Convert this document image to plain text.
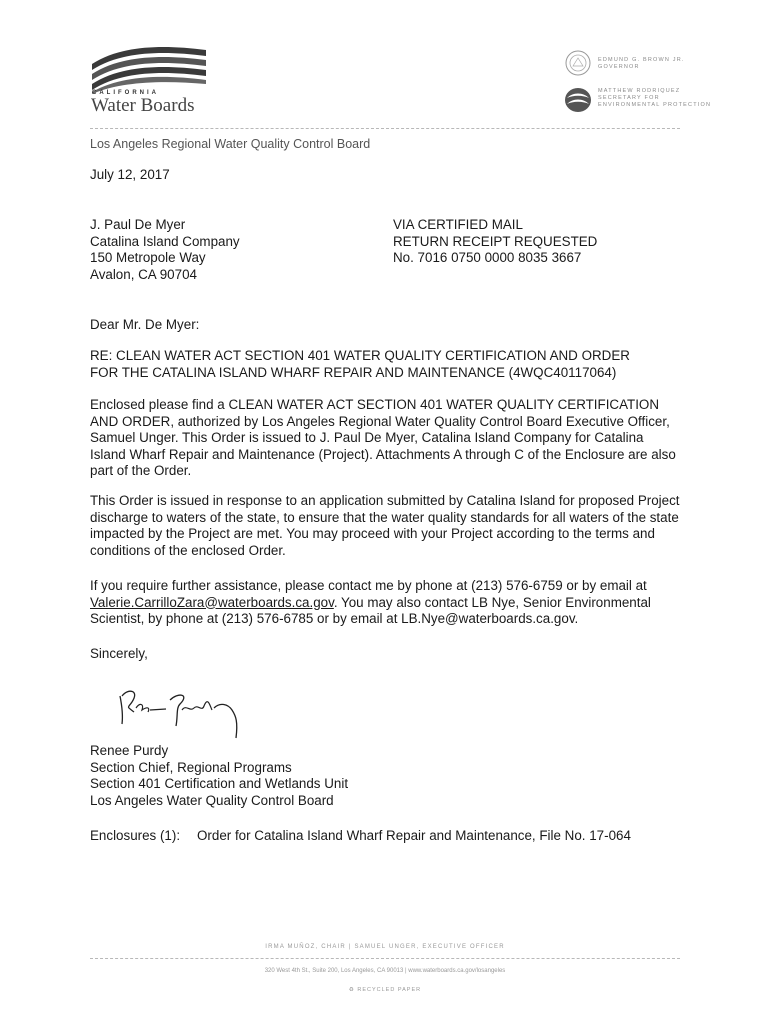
CALIFORNIA
Water Boards
EDMUND G. BROWN JR.
GOVERNOR
MATTHEW RODRIQUEZ
SECRETARY FOR
ENVIRONMENTAL PROTECTION
Los Angeles Regional Water Quality Control Board
July 12, 2017
J. Paul De Myer
Catalina Island Company
150 Metropole Way
Avalon, CA 90704
VIA CERTIFIED MAIL
RETURN RECEIPT REQUESTED
No. 7016 0750 0000 8035 3667
Dear Mr. De Myer:
RE: CLEAN WATER ACT SECTION 401 WATER QUALITY CERTIFICATION AND ORDER
FOR THE CATALINA ISLAND WHARF REPAIR AND MAINTENANCE (4WQC40117064)
Enclosed please find a CLEAN WATER ACT SECTION 401 WATER QUALITY CERTIFICATION AND ORDER, authorized by Los Angeles Regional Water Quality Control Board Executive Officer, Samuel Unger. This Order is issued to J. Paul De Myer, Catalina Island Company for Catalina Island Wharf Repair and Maintenance (Project). Attachments A through C of the Enclosure are also part of the Order.
This Order is issued in response to an application submitted by Catalina Island for proposed Project discharge to waters of the state, to ensure that the water quality standards for all waters of the state impacted by the Project are met. You may proceed with your Project according to the terms and conditions of the enclosed Order.
If you require further assistance, please contact me by phone at (213) 576-6759 or by email at Valerie.CarrilloZara@waterboards.ca.gov. You may also contact LB Nye, Senior Environmental Scientist, by phone at (213) 576-6785 or by email at LB.Nye@waterboards.ca.gov.
Sincerely,
Renee Purdy
Section Chief, Regional Programs
Section 401 Certification and Wetlands Unit
Los Angeles Water Quality Control Board
Enclosures (1): Order for Catalina Island Wharf Repair and Maintenance, File No. 17-064
IRMA MUÑOZ, CHAIR | SAMUEL UNGER, EXECUTIVE OFFICER
320 West 4th St., Suite 200, Los Angeles, CA 90013 | www.waterboards.ca.gov/losangeles
♻ RECYCLED PAPER
